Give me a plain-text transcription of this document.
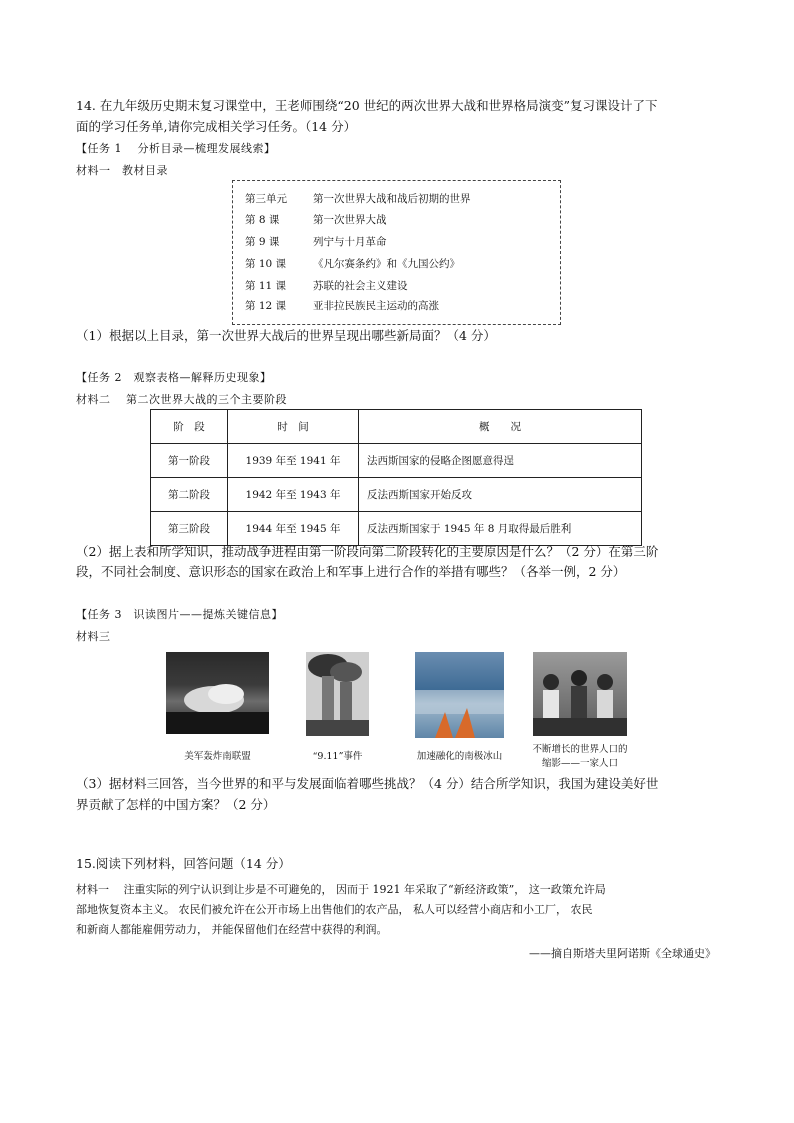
14. 在九年级历史期末复习课堂中，王老师围绕“20 世纪的两次世界大战和世界格局演变”复习课设计了下
面的学习任务单,请你完成相关学习任务。（14 分）
【任务 1　 分析目录—梳理发展线索】
材料一　教材目录
第三单元 第一次世界大战和战后初期的世界
第 8 课	第一次世界大战
第 9 课	列宁与十月革命
第 10 课	《凡尔赛条约》和《九国公约》
第 11 课	苏联的社会主义建设
第 12 课	亚非拉民族民主运动的高涨
（1）根据以上目录，第一次世界大战后的世界呈现出哪些新局面？（4 分）
【任务 2　观察表格—解释历史现象】
材料二　 第二次世界大战的三个主要阶段
阶　段	时　间	概　　况
第一阶段	1939 年至 1941 年	法西斯国家的侵略企图愿意得逞
第二阶段	1942 年至 1943 年	反法西斯国家开始反攻
第三阶段	1944 年至 1945 年	反法西斯国家于 1945 年 8 月取得最后胜利
（2）据上表和所学知识，推动战争进程由第一阶段向第二阶段转化的主要原因是什么？（2 分）在第三阶
段，不同社会制度、意识形态的国家在政治上和军事上进行合作的举措有哪些？（各举一例，2 分）
【任务 3　识读图片——提炼关键信息】
材料三
美军轰炸南联盟	“9.11”事件	加速融化的南极冰山
不断增长的世界人口的
缩影——一家人口
（3）据材料三回答，当今世界的和平与发展面临着哪些挑战？（4 分）结合所学知识，我国为建设美好世
界贡献了怎样的中国方案？（2 分）
15.阅读下列材料，回答问题（14 分）
材料一　 注重实际的列宁认识到让步是不可避免的， 因而于 1921 年采取了“新经济政策”， 这一政策允许局
部地恢复资本主义。 农民们被允许在公开市场上出售他们的农产品， 私人可以经营小商店和小工厂， 农民
和新商人都能雇佣劳动力， 并能保留他们在经营中获得的利润。
——摘自斯塔夫里阿诺斯《全球通史》
